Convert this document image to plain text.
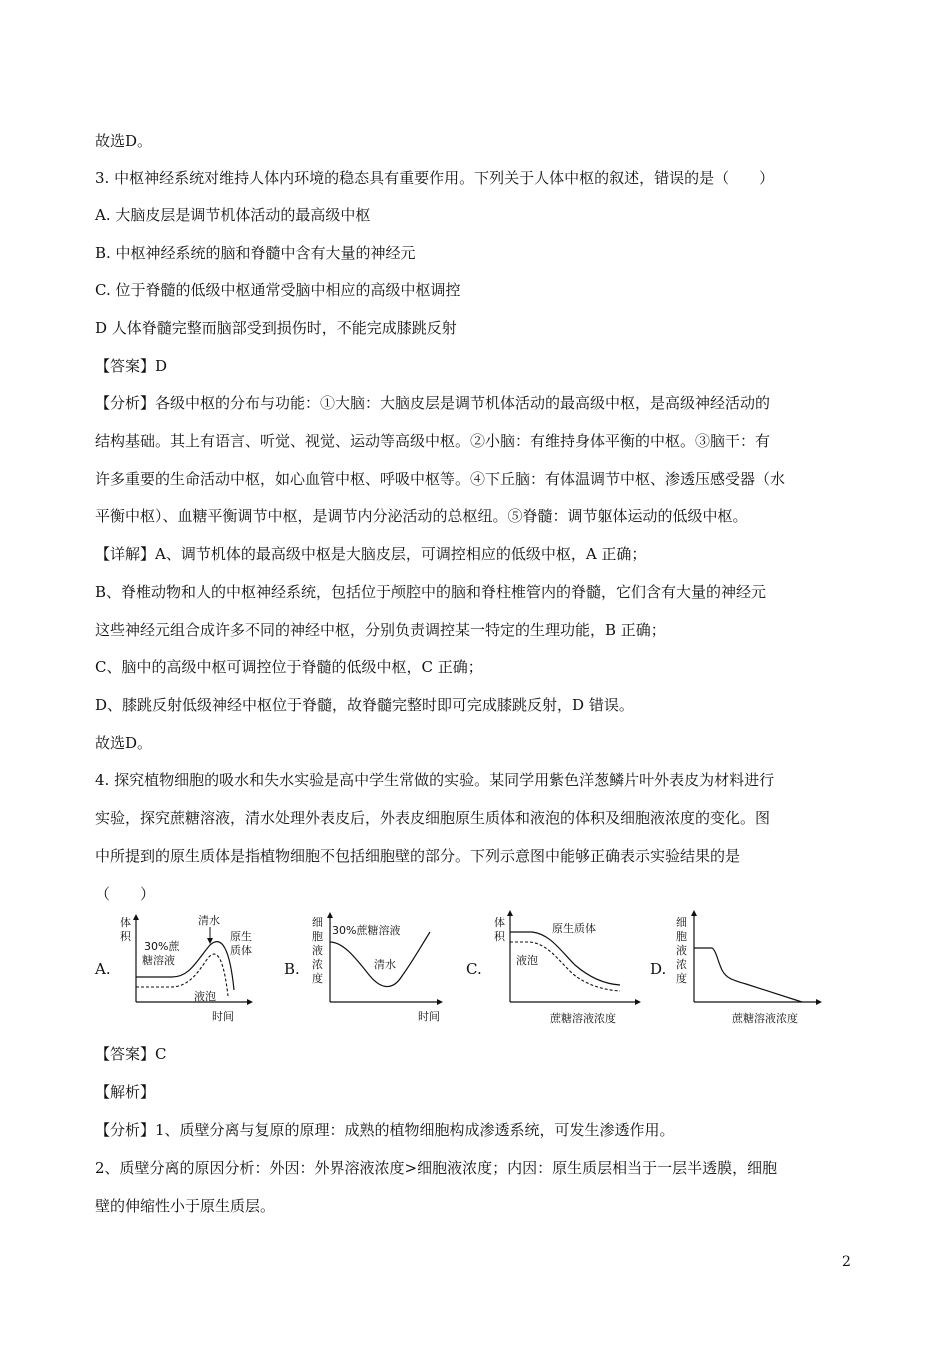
故选D。
3. 中枢神经系统对维持人体内环境的稳态具有重要作用。下列关于人体中枢的叙述，错误的是（　　）
A. 大脑皮层是调节机体活动的最高级中枢
B. 中枢神经系统的脑和脊髓中含有大量的神经元
C. 位于脊髓的低级中枢通常受脑中相应的高级中枢调控
D 人体脊髓完整而脑部受到损伤时，不能完成膝跳反射
【答案】D
【分析】各级中枢的分布与功能：①大脑：大脑皮层是调节机体活动的最高级中枢，是高级神经活动的
结构基础。其上有语言、听觉、视觉、运动等高级中枢。②小脑：有维持身体平衡的中枢。③脑干：有
许多重要的生命活动中枢，如心血管中枢、呼吸中枢等。④下丘脑：有体温调节中枢、渗透压感受器（水
平衡中枢）、血糖平衡调节中枢，是调节内分泌活动的总枢纽。⑤脊髓：调节躯体运动的低级中枢。
【详解】A、调节机体的最高级中枢是大脑皮层，可调控相应的低级中枢，A 正确；
B、脊椎动物和人的中枢神经系统，包括位于颅腔中的脑和脊柱椎管内的脊髓，它们含有大量的神经元
这些神经元组合成许多不同的神经中枢，分别负责调控某一特定的生理功能，B 正确；
C、脑中的高级中枢可调控位于脊髓的低级中枢，C 正确；
D、膝跳反射低级神经中枢位于脊髓，故脊髓完整时即可完成膝跳反射，D 错误。
故选D。
4. 探究植物细胞的吸水和失水实验是高中学生常做的实验。某同学用紫色洋葱鳞片叶外表皮为材料进行
实验，探究蔗糖溶液，清水处理外表皮后，外表皮细胞原生质体和液泡的体积及细胞液浓度的变化。图
中所提到的原生质体是指植物细胞不包括细胞壁的部分。下列示意图中能够正确表示实验结果的是
（　　）
【答案】C
【解析】
【分析】1、质壁分离与复原的原理：成熟的植物细胞构成渗透系统，可发生渗透作用。
2、质壁分离的原因分析：外因：外界溶液浓度>细胞液浓度；内因：原生质层相当于一层半透膜，细胞
壁的伸缩性小于原生质层。
A.
体
积
清水
30%蔗
糖溶液
原生
质体
液泡
时间
B.
细
胞
液
浓
度
30%蔗糖溶液
清水
时间
C.
体
积
原生质体
液泡
蔗糖溶液浓度
D.
细
胞
液
浓
度
蔗糖溶液浓度
2
